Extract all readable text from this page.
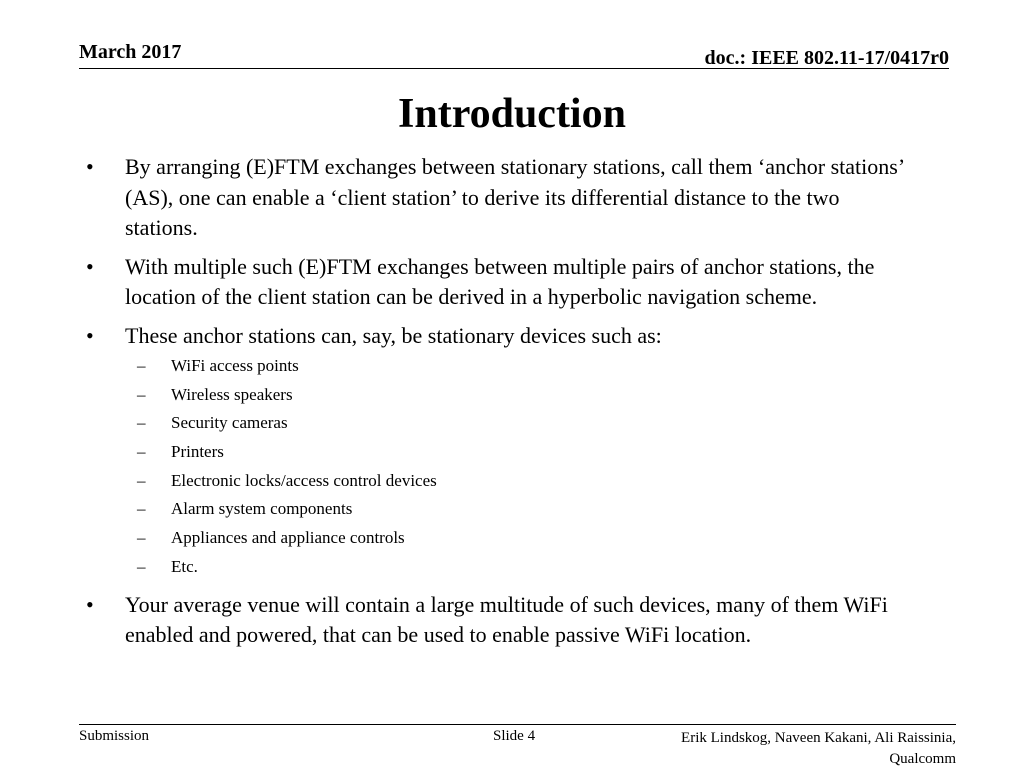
March 2017	doc.: IEEE 802.11-17/0417r0
Introduction
• By arranging (E)FTM exchanges between stationary stations, call them ‘anchor stations’ (AS), one can enable a ‘client station’ to derive its differential distance to the two stations.
• With multiple such (E)FTM exchanges between multiple pairs of anchor stations, the location of the client station can be derived in a hyperbolic navigation scheme.
• These anchor stations can, say, be stationary devices such as:
– WiFi access points
– Wireless speakers
– Security cameras
– Printers
– Electronic locks/access control devices
– Alarm system components
– Appliances and appliance controls
– Etc.
• Your average venue will contain a large multitude of such devices, many of them WiFi enabled and powered, that can be used to enable passive WiFi location.
Submission	Slide 4	Erik Lindskog, Naveen Kakani, Ali Raissinia, Qualcomm
